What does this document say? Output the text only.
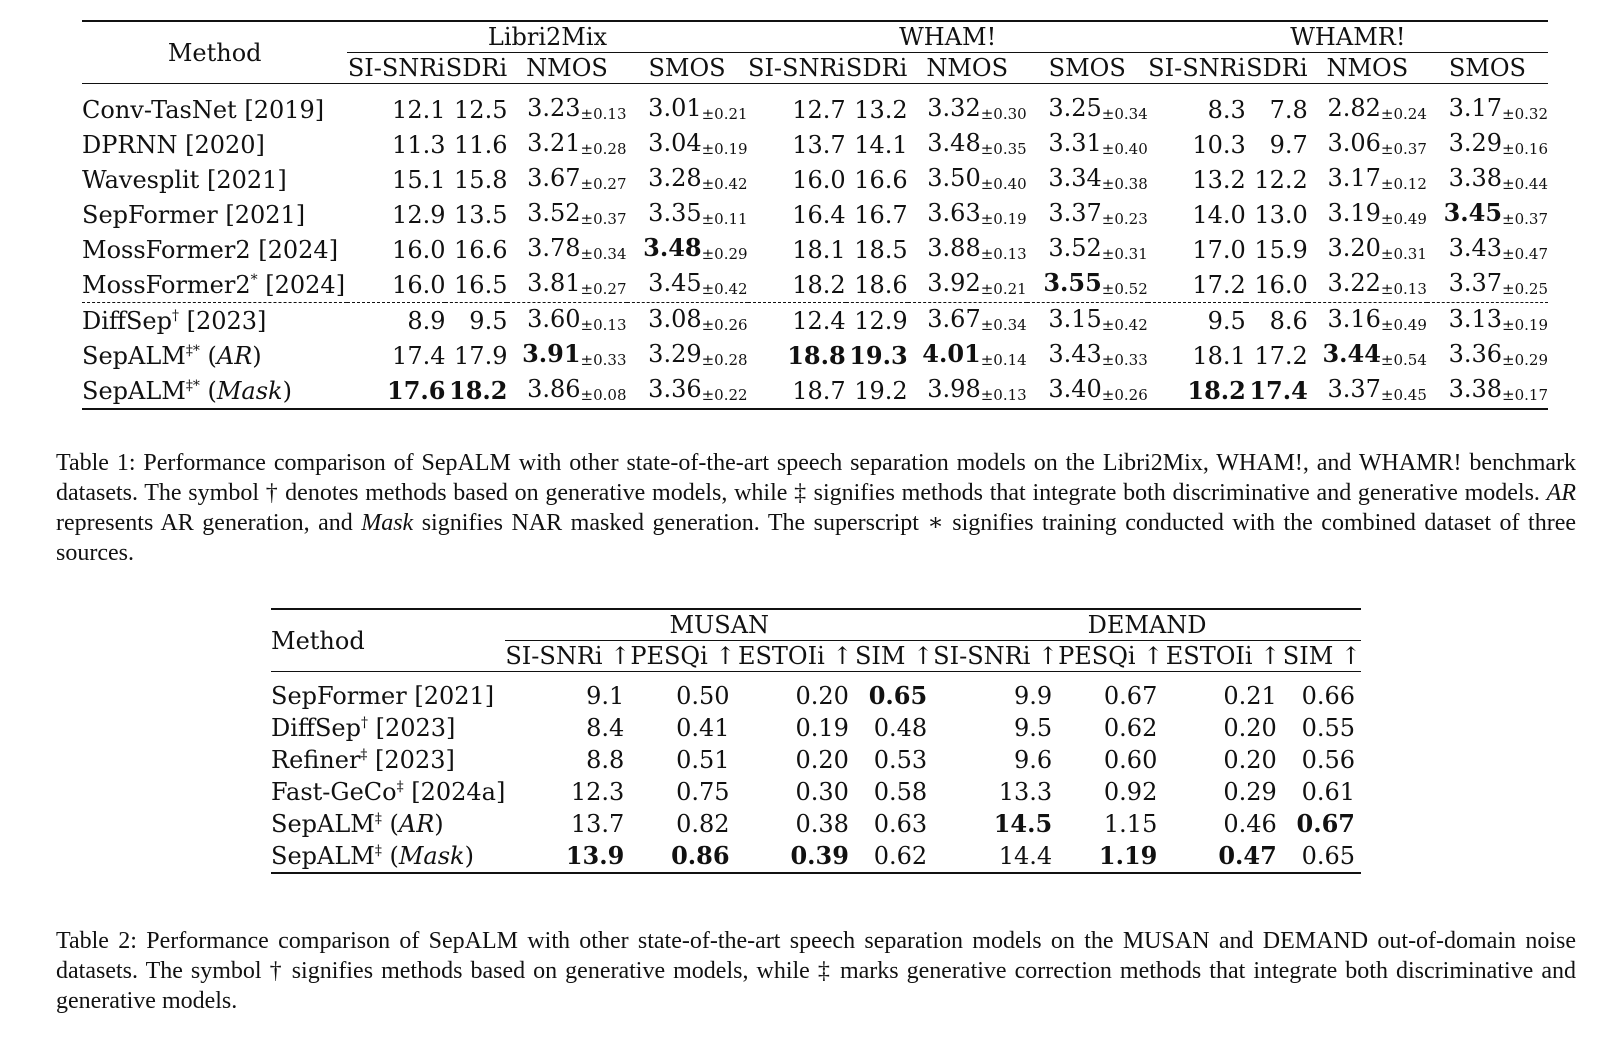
Method	Libri2Mix				WHAM!				WHAMR!			
	SI-SNRi	SDRi	NMOS	SMOS	SI-SNRi	SDRi	NMOS	SMOS	SI-SNRi	SDRi	NMOS	SMOS

Conv-TasNet [2019]	12.1	12.5	3.23±0.13	3.01±0.21	12.7	13.2	3.32±0.30	3.25±0.34	8.3	7.8	2.82±0.24	3.17±0.32
DPRNN [2020]	11.3	11.6	3.21±0.28	3.04±0.19	13.7	14.1	3.48±0.35	3.31±0.40	10.3	9.7	3.06±0.37	3.29±0.16
Wavesplit [2021]	15.1	15.8	3.67±0.27	3.28±0.42	16.0	16.6	3.50±0.40	3.34±0.38	13.2	12.2	3.17±0.12	3.38±0.44
SepFormer [2021]	12.9	13.5	3.52±0.37	3.35±0.11	16.4	16.7	3.63±0.19	3.37±0.23	14.0	13.0	3.19±0.49	3.45±0.37
MossFormer2 [2024]	16.0	16.6	3.78±0.34	3.48±0.29	18.1	18.5	3.88±0.13	3.52±0.31	17.0	15.9	3.20±0.31	3.43±0.47
MossFormer2* [2024]	16.0	16.5	3.81±0.27	3.45±0.42	18.2	18.6	3.92±0.21	3.55±0.52	17.2	16.0	3.22±0.13	3.37±0.25
DiffSep† [2023]	8.9	9.5	3.60±0.13	3.08±0.26	12.4	12.9	3.67±0.34	3.15±0.42	9.5	8.6	3.16±0.49	3.13±0.19
SepALM‡* (AR)	17.4	17.9	3.91±0.33	3.29±0.28	18.8	19.3	4.01±0.14	3.43±0.33	18.1	17.2	3.44±0.54	3.36±0.29
SepALM‡* (Mask)	17.6	18.2	3.86±0.08	3.36±0.22	18.7	19.2	3.98±0.13	3.40±0.26	18.2	17.4	3.37±0.45	3.38±0.17
Table 1: Performance comparison of SepALM with other state-of-the-art speech separation models on the Libri2Mix, WHAM!, and WHAMR! benchmark datasets. The symbol † denotes methods based on generative models, while ‡ signifies methods that integrate both discriminative and generative models. AR represents AR generation, and Mask signifies NAR masked generation. The superscript ∗ signifies training conducted with the combined dataset of three sources.
Method	MUSAN				DEMAND			
	SI-SNRi ↑	PESQi ↑	ESTOIi ↑	SIM ↑	SI-SNRi ↑	PESQi ↑	ESTOIi ↑	SIM ↑

SepFormer [2021]	9.1	0.50	0.20	0.65	9.9	0.67	0.21	0.66
DiffSep† [2023]	8.4	0.41	0.19	0.48	9.5	0.62	0.20	0.55
Refiner‡ [2023]	8.8	0.51	0.20	0.53	9.6	0.60	0.20	0.56
Fast-GeCo‡ [2024a]	12.3	0.75	0.30	0.58	13.3	0.92	0.29	0.61
SepALM‡ (AR)	13.7	0.82	0.38	0.63	14.5	1.15	0.46	0.67
SepALM‡ (Mask)	13.9	0.86	0.39	0.62	14.4	1.19	0.47	0.65
Table 2: Performance comparison of SepALM with other state-of-the-art speech separation models on the MUSAN and DEMAND out-of-domain noise datasets. The symbol † signifies methods based on generative models, while ‡ marks generative correction methods that integrate both discriminative and generative models.
